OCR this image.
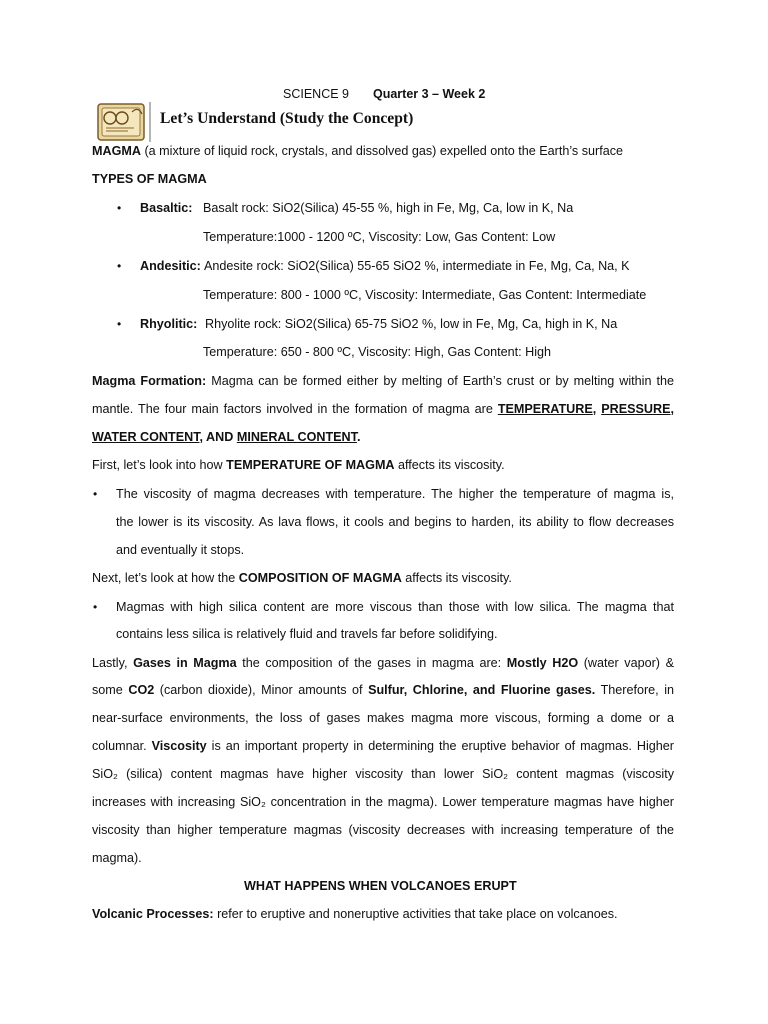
SCIENCE 9 Quarter 3 – Week 2
Let’s Understand (Study the Concept)
MAGMA (a mixture of liquid rock, crystals, and dissolved gas) expelled onto the Earth’s surface
TYPES OF MAGMA
• Basaltic: Basalt rock: SiO2(Silica) 45-55 %, high in Fe, Mg, Ca, low in K, Na
Temperature:1000 - 1200 ºC, Viscosity: Low, Gas Content: Low
• Andesitic: Andesite rock: SiO2(Silica) 55-65 SiO2 %, intermediate in Fe, Mg, Ca, Na, K
Temperature: 800 - 1000 ºC, Viscosity: Intermediate, Gas Content: Intermediate
• Rhyolitic: Rhyolite rock: SiO2(Silica) 65-75 SiO2 %, low in Fe, Mg, Ca, high in K, Na
Temperature: 650 - 800 ºC, Viscosity: High, Gas Content: High
Magma Formation: Magma can be formed either by melting of Earth’s crust or by melting within the
mantle. The four main factors involved in the formation of magma are TEMPERATURE, PRESSURE,
WATER CONTENT, AND MINERAL CONTENT.
First, let’s look into how TEMPERATURE OF MAGMA affects its viscosity.
• The viscosity of magma decreases with temperature. The higher the temperature of magma is,
the lower is its viscosity. As lava flows, it cools and begins to harden, its ability to flow decreases
and eventually it stops.
Next, let’s look at how the COMPOSITION OF MAGMA affects its viscosity.
• Magmas with high silica content are more viscous than those with low silica. The magma that
contains less silica is relatively fluid and travels far before solidifying.
Lastly, Gases in Magma the composition of the gases in magma are: Mostly H2O (water vapor) &
some CO2 (carbon dioxide), Minor amounts of Sulfur, Chlorine, and Fluorine gases. Therefore, in
near-surface environments, the loss of gases makes magma more viscous, forming a dome or a
columnar. Viscosity is an important property in determining the eruptive behavior of magmas. Higher
SiO₂ (silica) content magmas have higher viscosity than lower SiO₂ content magmas (viscosity
increases with increasing SiO₂ concentration in the magma). Lower temperature magmas have higher
viscosity than higher temperature magmas (viscosity decreases with increasing temperature of the
magma).
WHAT HAPPENS WHEN VOLCANOES ERUPT
Volcanic Processes: refer to eruptive and noneruptive activities that take place on volcanoes.
